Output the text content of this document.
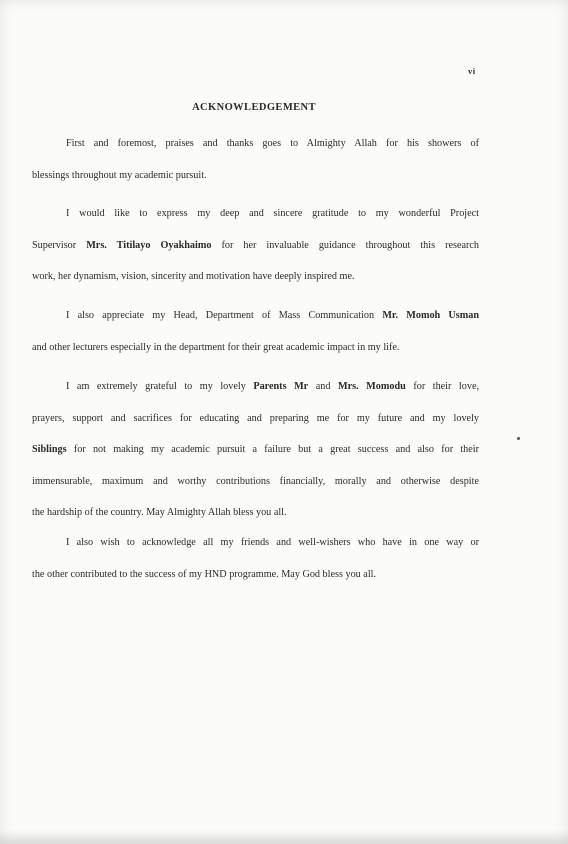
vi
ACKNOWLEDGEMENT

First and foremost, praises and thanks goes to Almighty Allah for his showers of
blessings throughout my academic pursuit.

I would like to express my deep and sincere gratitude to my wonderful Project
Supervisor Mrs. Titilayo Oyakhaimo for her invaluable guidance throughout this research
work, her dynamism, vision, sincerity and motivation have deeply inspired me.

I also appreciate my Head, Department of Mass Communication Mr. Momoh Usman
and other lecturers especially in the department for their great academic impact in my life.

I am extremely grateful to my lovely Parents Mr and Mrs. Momodu for their love,
prayers, support and sacrifices for educating and preparing me for my future and my lovely
Siblings for not making my academic pursuit a failure but a great success and also for their
immensurable, maximum and worthy contributions financially, morally and otherwise despite
the hardship of the country. May Almighty Allah bless you all.

I also wish to acknowledge all my friends and well-wishers who have in one way or
the other contributed to the success of my HND programme. May God bless you all.
